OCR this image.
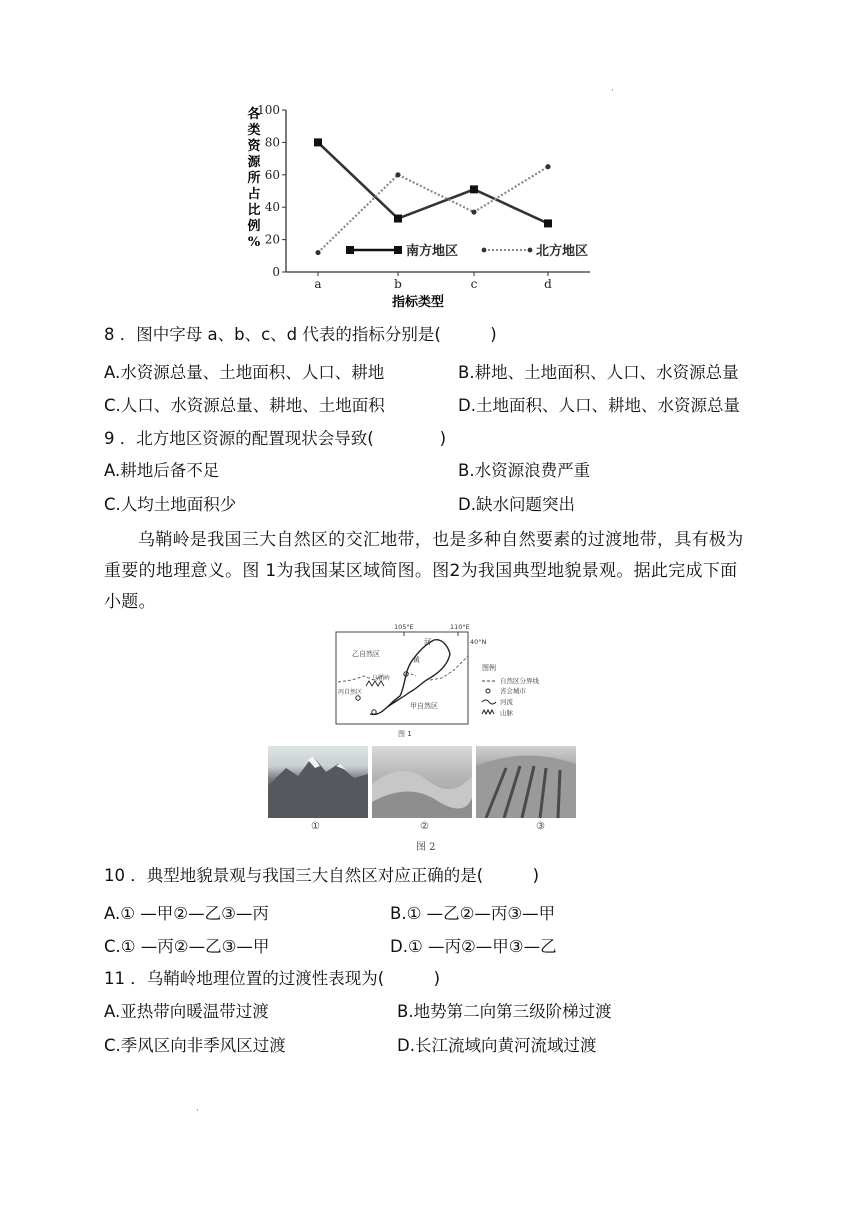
0
20
40
60
80
100
a	b	c	d
南方地区	北方地区
各类资源所占比例%
指标类型
·
8 ．图中字母 a、b、c、d 代表的指标分别是(　　　)
A.水资源总量、土地面积、人口、耕地	B.耕地、土地面积、人口、水资源总量
C.人口、水资源总量、耕地、土地面积	D.土地面积、人口、耕地、水资源总量
9 ．北方地区资源的配置现状会导致(　　　　)
A.耕地后备不足	B.水资源浪费严重
C.人均土地面积少	D.缺水问题突出
乌鞘岭是我国三大自然区的交汇地带，也是多种自然要素的过渡地带，具有极为重要的地理意义。图 1为我国某区域简图。图2为我国典型地貌景观。据此完成下面小题。
105°E	110°E
40°N
乙自然区
甲自然区
丙自然区
乌鞘岭
河
黄
图例
自然区分界线
省会城市
河流
山脉
图 1
①	②	③
图 2
10 ．典型地貌景观与我国三大自然区对应正确的是(　　　)
A.① —甲②—乙③—丙	B.① —乙②—丙③—甲
C.① —丙②—乙③—甲	D.① —丙②—甲③—乙
11 ．乌鞘岭地理位置的过渡性表现为(　　　)
A.亚热带向暖温带过渡	B.地势第二向第三级阶梯过渡
C.季风区向非季风区过渡	D.长江流域向黄河流域过渡
·
